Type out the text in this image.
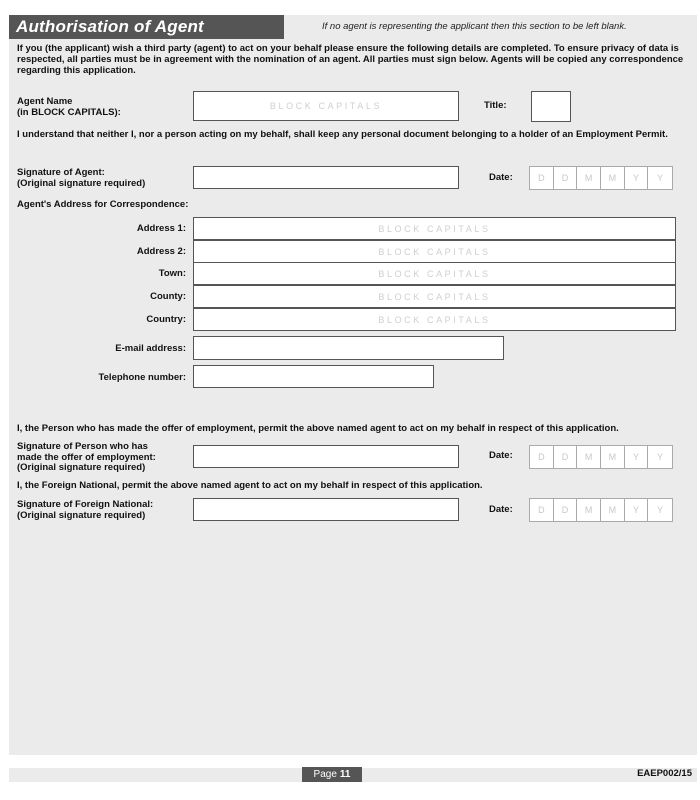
Authorisation of Agent	If no agent is representing the applicant then this section to be left blank.
If you (the applicant) wish a third party (agent) to act on your behalf please ensure the following details are completed. To ensure privacy of data is respected, all parties must be in agreement with the nomination of an agent. All parties must sign below. Agents will be copied any correspondence regarding this application.
Agent Name
(in BLOCK CAPITALS):
BLOCK CAPITALS	Title:
I understand that neither I, nor a person acting on my behalf, shall keep any personal document belonging to a holder of an Employment Permit.
Signature of Agent:
(Original signature required)	Date:	D	D	M	M	Y	Y
Agent's Address for Correspondence:
Address 1:	BLOCK CAPITALS
Address 2:	BLOCK CAPITALS
Town:	BLOCK CAPITALS
County:	BLOCK CAPITALS
Country:	BLOCK CAPITALS
E-mail address:
Telephone number:
I, the Person who has made the offer of employment, permit the above named agent to act on my behalf in respect of this application.
Signature of Person who has
made the offer of employment:
(Original signature required)
Date:	D	D	M	M	Y	Y
I, the Foreign National, permit the above named agent to act on my behalf in respect of this application.
Signature of Foreign National:
(Original signature required)	Date:	D	D	M	M	Y	Y
Page 11	EAEP002/15
